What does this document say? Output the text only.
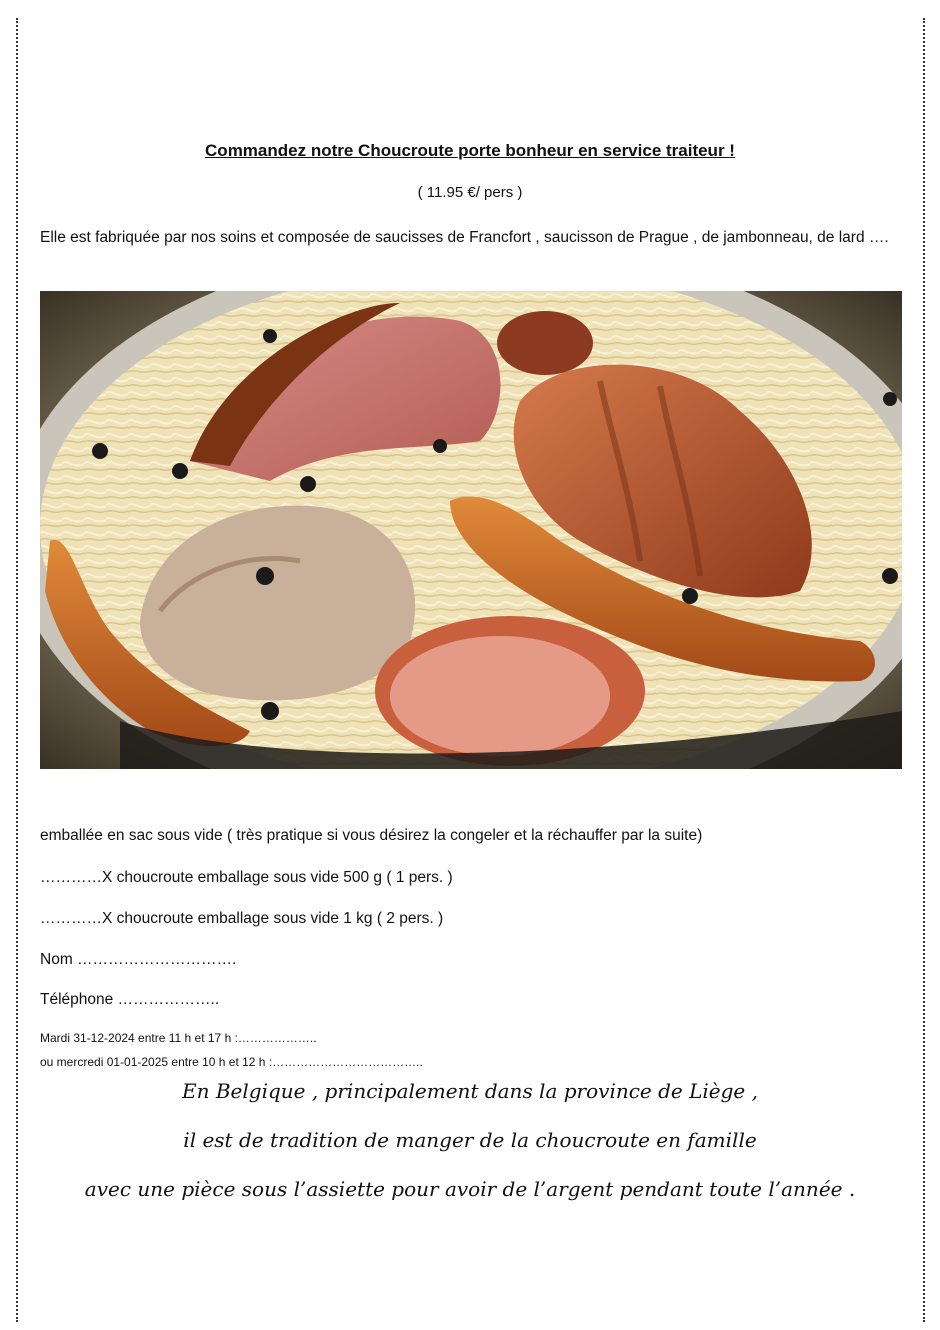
Commandez notre Choucroute porte bonheur en service traiteur !
( 11.95 €/ pers )
Elle est fabriquée par nos soins et composée de saucisses de Francfort , saucisson de Prague , de jambonneau, de lard ….
emballée en sac sous vide ( très pratique si vous désirez la congeler et la réchauffer par la suite)
…………X choucroute emballage sous vide 500 g ( 1 pers. )
…………X choucroute emballage sous vide 1 kg ( 2 pers. )
Nom ………………………….
Téléphone ………………..
Mardi 31-12-2024 entre 11 h et 17 h :………………..
ou mercredi 01-01-2025 entre 10 h et 12 h :………………………………..
En Belgique , principalement dans la province de Liège ,
il est de tradition de manger de la choucroute en famille
avec une pièce sous l’assiette pour avoir de l’argent pendant toute l’année .
